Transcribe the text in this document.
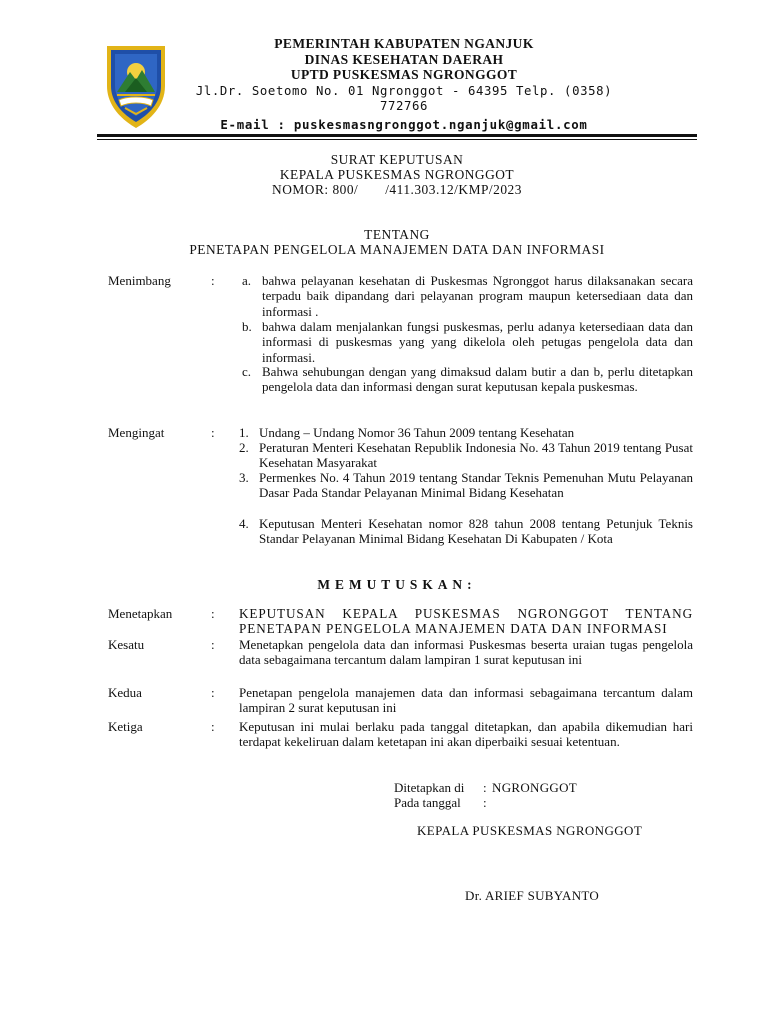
PEMERINTAH KABUPATEN NGANJUK
DINAS KESEHATAN DAERAH
UPTD PUSKESMAS NGRONGGOT
Jl.Dr. Soetomo No. 01 Ngronggot - 64395 Telp. (0358) 772766
E-mail : puskesmasngronggot.nganjuk@gmail.com
SURAT KEPUTUSAN
KEPALA PUSKESMAS NGRONGGOT
NOMOR: 800/       /411.303.12/KMP/2023
TENTANG
PENETAPAN PENGELOLA MANAJEMEN DATA DAN INFORMASI
Menimbang	: a. bahwa pelayanan kesehatan di Puskesmas Ngronggot harus dilaksanakan secara terpadu baik dipandang dari pelayanan program maupun ketersediaan data dan informasi .
b. bahwa dalam menjalankan fungsi puskesmas, perlu adanya ketersediaan data dan informasi di puskesmas yang yang dikelola oleh petugas pengelola data dan informasi.
c. Bahwa sehubungan dengan yang dimaksud dalam butir a dan b, perlu ditetapkan pengelola data dan informasi dengan surat keputusan kepala puskesmas.
Mengingat	: 1. Undang – Undang Nomor 36 Tahun 2009 tentang Kesehatan
2. Peraturan Menteri Kesehatan Republik Indonesia No. 43 Tahun 2019 tentang Pusat Kesehatan Masyarakat
3. Permenkes No. 4 Tahun 2019 tentang Standar Teknis Pemenuhan Mutu Pelayanan Dasar Pada Standar Pelayanan Minimal Bidang Kesehatan
4. Keputusan Menteri Kesehatan nomor 828 tahun 2008 tentang Petunjuk Teknis Standar Pelayanan Minimal Bidang Kesehatan Di Kabupaten / Kota
MEMUTUSKAN:
Menetapkan	: KEPUTUSAN KEPALA PUSKESMAS NGRONGGOT TENTANG PENETAPAN PENGELOLA MANAJEMEN DATA DAN INFORMASI
Kesatu	: Menetapkan pengelola data dan informasi Puskesmas beserta uraian tugas pengelola data sebagaimana tercantum dalam lampiran 1 surat keputusan ini
Kedua	: Penetapan pengelola manajemen data dan informasi sebagaimana tercantum dalam lampiran 2 surat keputusan ini
Ketiga	: Keputusan ini mulai berlaku pada tanggal ditetapkan, dan apabila dikemudian hari terdapat kekeliruan dalam ketetapan ini akan diperbaiki sesuai ketentuan.
Ditetapkan di : NGRONGGOT
Pada tanggal :
KEPALA PUSKESMAS NGRONGGOT
Dr. ARIEF SUBYANTO
